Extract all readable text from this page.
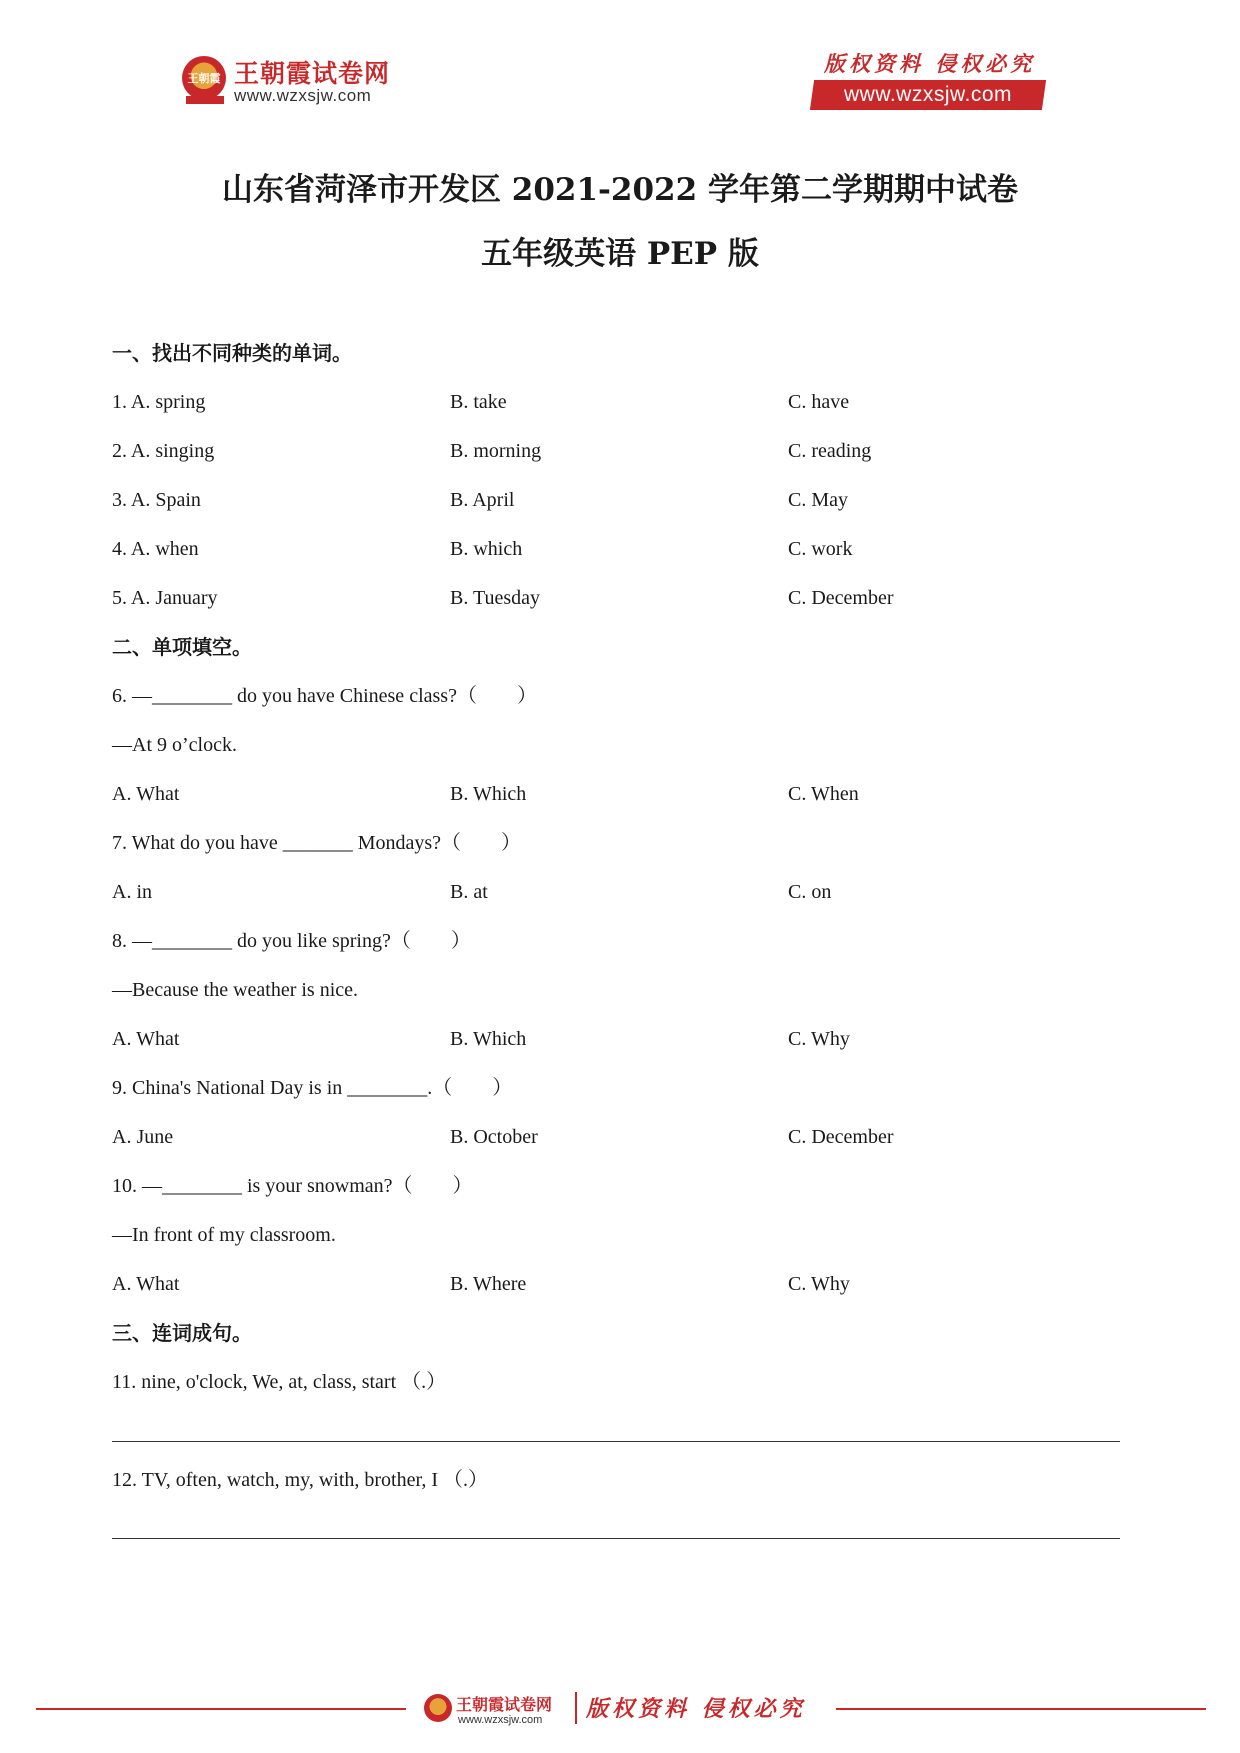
王朝霞 王朝霞试卷网
www.wzxsjw.com
版权资料 侵权必究
www.wzxsjw.com
山东省菏泽市开发区 2021-2022 学年第二学期期中试卷
五年级英语 PEP 版
一、找出不同种类的单词。
1. A. spring	B. take	C. have
2. A. singing	B. morning	C. reading
3. A. Spain	B. April	C. May
4. A. when	B. which	C. work
5. A. January	B. Tuesday	C. December
二、单项填空。
6. —________ do you have Chinese class?（　　）
—At 9 o’clock.
A. What	B. Which	C. When
7. What do you have _______ Mondays?（　　）
A. in	B. at	C. on
8. —________ do you like spring?（　　）
—Because the weather is nice.
A. What	B. Which	C. Why
9. China's National Day is in ________.（　　）
A. June	B. October	C. December
10. —________ is your snowman?（　　）
—In front of my classroom.
A. What	B. Where	C. Why
三、连词成句。
11. nine, o'clock, We, at, class, start （.）
12. TV, often, watch, my, with, brother, I （.）
王朝霞试卷网
www.wzxsjw.com 版权资料 侵权必究
